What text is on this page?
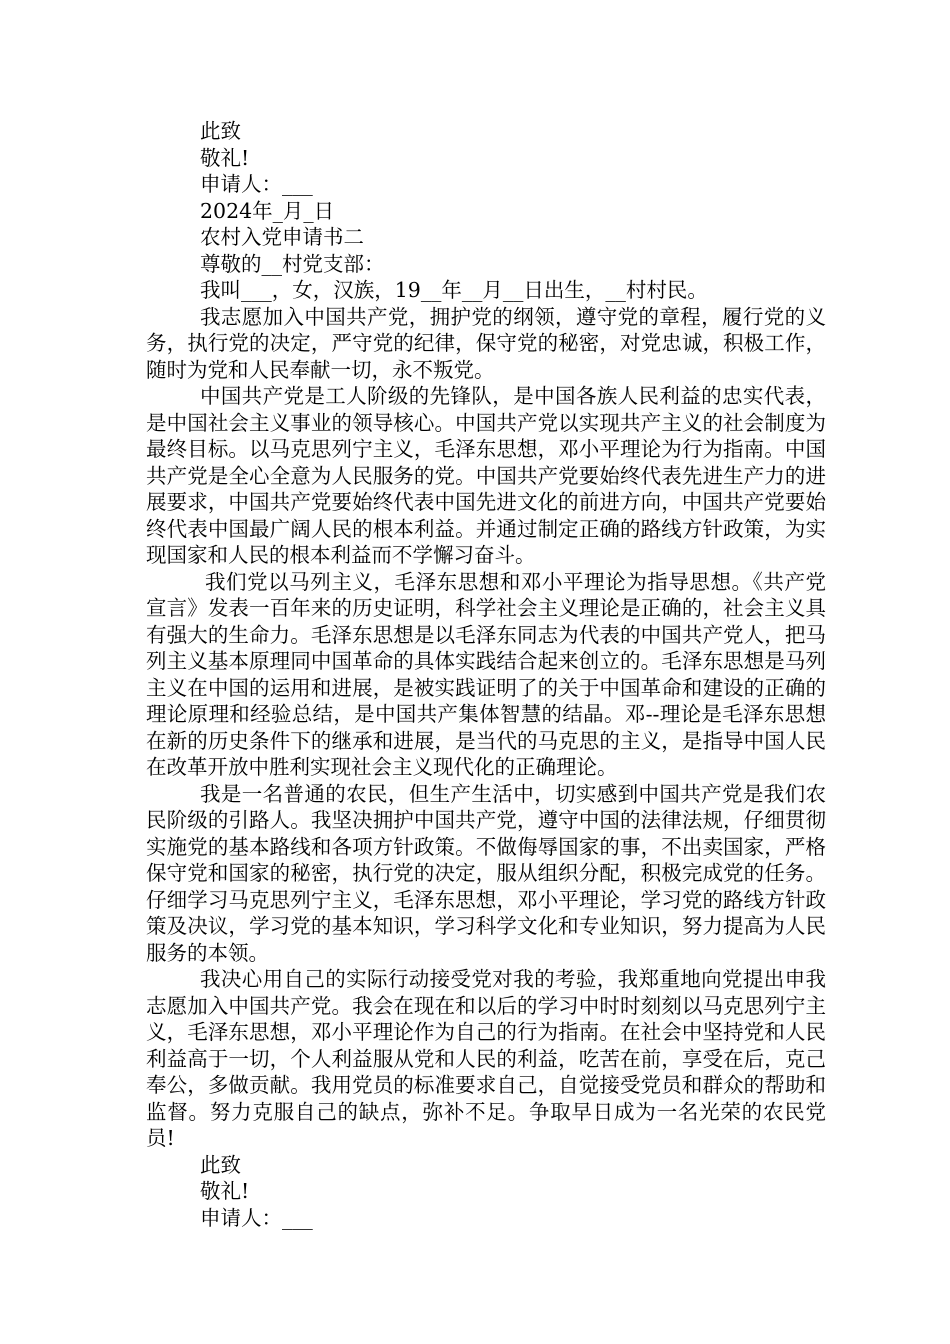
此致
敬礼!
申请人：___
2024年_月_日
农村入党申请书二
尊敬的__村党支部：
我叫___，女，汉族，19__年__月__日出生，__村村民。

我志愿加入中国共产党，拥护党的纲领，遵守党的章程，履行党的义务，执行党的决定，严守党的纪律，保守党的秘密，对党忠诚，积极工作，随时为党和人民奉献一切，永不叛党。

中国共产党是工人阶级的先锋队，是中国各族人民利益的忠实代表，是中国社会主义事业的领导核心。中国共产党以实现共产主义的社会制度为最终目标。以马克思列宁主义，毛泽东思想，邓小平理论为行为指南。中国共产党是全心全意为人民服务的党。中国共产党要始终代表先进生产力的进展要求，中国共产党要始终代表中国先进文化的前进方向，中国共产党要始终代表中国最广阔人民的根本利益。并通过制定正确的路线方针政策，为实现国家和人民的根本利益而不学懈习奋斗。

我们党以马列主义，毛泽东思想和邓小平理论为指导思想。《共产党宣言》发表一百年来的历史证明，科学社会主义理论是正确的，社会主义具有强大的生命力。毛泽东思想是以毛泽东同志为代表的中国共产党人，把马列主义基本原理同中国革命的具体实践结合起来创立的。毛泽东思想是马列主义在中国的运用和进展，是被实践证明了的关于中国革命和建设的正确的理论原理和经验总结，是中国共产集体智慧的结晶。邓--理论是毛泽东思想在新的历史条件下的继承和进展，是当代的马克思的主义，是指导中国人民在改革开放中胜利实现社会主义现代化的正确理论。

我是一名普通的农民，但生产生活中，切实感到中国共产党是我们农民阶级的引路人。我坚决拥护中国共产党，遵守中国的法律法规，仔细贯彻实施党的基本路线和各项方针政策。不做侮辱国家的事，不出卖国家，严格保守党和国家的秘密，执行党的决定，服从组织分配，积极完成党的任务。仔细学习马克思列宁主义，毛泽东思想，邓小平理论，学习党的路线方针政策及决议，学习党的基本知识，学习科学文化和专业知识，努力提高为人民服务的本领。

我决心用自己的实际行动接受党对我的考验，我郑重地向党提出申我志愿加入中国共产党。我会在现在和以后的学习中时时刻刻以马克思列宁主义，毛泽东思想，邓小平理论作为自己的行为指南。在社会中坚持党和人民利益高于一切，个人利益服从党和人民的利益，吃苦在前，享受在后，克己奉公，多做贡献。我用党员的标准要求自己，自觉接受党员和群众的帮助和监督。努力克服自己的缺点，弥补不足。争取早日成为一名光荣的农民党员!

此致
敬礼!
申请人：___
